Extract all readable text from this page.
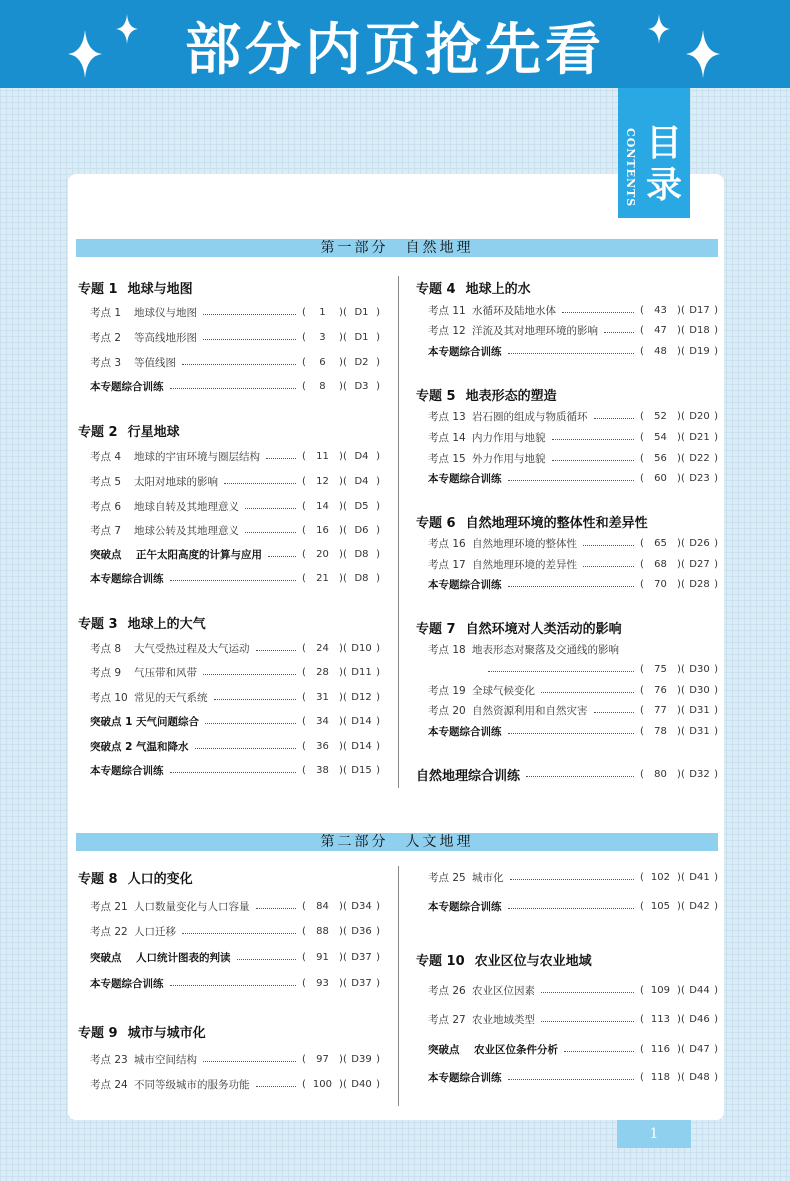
部分内页抢先看
CONTENTS 目录
第一部分　自然地理
第二部分　人文地理
专题 1 地球与地图
考点 1	地球仪与地图	(	1	)( D1 )
考点 2	等高线地形图	(	3	)( D1 )
考点 3	等值线图	(	6	)( D2 )
本专题综合训练	(	8	)( D3 )
专题 2 行星地球
考点 4	地球的宇宙环境与圈层结构	(	11	)( D4 )
考点 5	太阳对地球的影响	(	12	)( D4 )
考点 6	地球自转及其地理意义	(	14	)( D5 )
考点 7	地球公转及其地理意义	(	16	)( D6 )
突破点	正午太阳高度的计算与应用	(	20	)( D8 )
本专题综合训练	(	21	)( D8 )
专题 3 地球上的大气
考点 8	大气受热过程及大气运动	(	24	)( D10 )
考点 9	气压带和风带	(	28	)( D11 )
考点 10 常见的天气系统	(	31	)( D12 )
突破点 1 天气问题综合	(	34	)( D14 )
突破点 2 气温和降水	(	36	)( D14 )
本专题综合训练	(	38	)( D15 )
专题 4 地球上的水
考点 11 水循环及陆地水体	(	43	)( D17 )
考点 12 洋流及其对地理环境的影响	(	47	)( D18 )
本专题综合训练	(	48	)( D19 )
专题 5 地表形态的塑造
考点 13 岩石圈的组成与物质循环	(	52	)( D20 )
考点 14 内力作用与地貌	(	54	)( D21 )
考点 15 外力作用与地貌	(	56	)( D22 )
本专题综合训练	(	60	)( D23 )
专题 6 自然地理环境的整体性和差异性
考点 16 自然地理环境的整体性	(	65	)( D26 )
考点 17 自然地理环境的差异性	(	68	)( D27 )
本专题综合训练	(	70	)( D28 )
专题 7 自然环境对人类活动的影响
考点 18 地表形态对聚落及交通线的影响
(	75	)( D30 )
考点 19 全球气候变化	(	76	)( D30 )
考点 20 自然资源利用和自然灾害	(	77	)( D31 )
本专题综合训练	(	78	)( D31 )
自然地理综合训练	(	80	)( D32 )
专题 8 人口的变化
考点 21 人口数量变化与人口容量	(	84	)( D34 )
考点 22 人口迁移	(	88	)( D36 )
突破点	人口统计图表的判读	(	91	)( D37 )
本专题综合训练	(	93	)( D37 )
专题 9 城市与城市化
考点 23 城市空间结构	(	97	)( D39 )
考点 24 不同等级城市的服务功能	( 100 )( D40 )
考点 25 城市化	( 102 )( D41 )
本专题综合训练	( 105 )( D42 )
专题 10 农业区位与农业地域
考点 26 农业区位因素	( 109 )( D44 )
考点 27 农业地域类型	( 113 )( D46 )
突破点	农业区位条件分析	( 116 )( D47 )
本专题综合训练	( 118 )( D48 )
1
